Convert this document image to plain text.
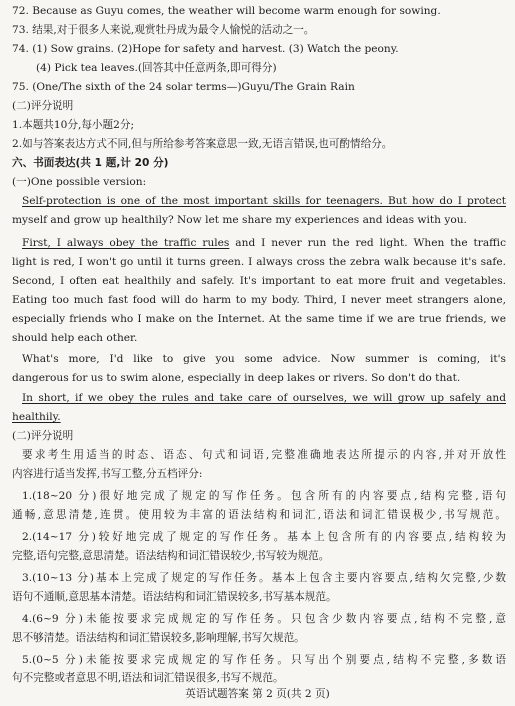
72. Because as Guyu comes, the weather will become warm enough for sowing.
73. 结果,对于很多人来说,观赏牡丹成为最令人愉悦的活动之一。
74. (1) Sow grains. (2)Hope for safety and harvest. (3) Watch the peony.
(4) Pick tea leaves.(回答其中任意两条,即可得分)
75. (One/The sixth of the 24 solar terms—)Guyu/The Grain Rain
(二)评分说明
1.本题共10分,每小题2分;
2.如与答案表达方式不同,但与所给参考答案意思一致,无语言错误,也可酌情给分。
六、书面表达(共 1 题,计 20 分)
(一)One possible version:
Self-protection is one of the most important skills for teenagers. But how do I protect
myself and grow up healthily? Now let me share my experiences and ideas with you.
First, I always obey the traffic rules and I never run the red light. When the traffic
light is red, I won't go until it turns green. I always cross the zebra walk because it's safe.
Second, I often eat healthily and safely. It's important to eat more fruit and vegetables.
Eating too much fast food will do harm to my body. Third, I never meet strangers alone,
especially friends who I make on the Internet. At the same time if we are true friends, we
should help each other.
What's more, I'd like to give you some advice. Now summer is coming, it's
dangerous for us to swim alone, especially in deep lakes or rivers. So don't do that.
In short, if we obey the rules and take care of ourselves, we will grow up safely and
healthily.
(二)评分说明
要求考生用适当的时态、语态、句式和词语,完整准确地表达所提示的内容,并对开放性
内容进行适当发挥,书写工整,分五档评分:
1.(18~20 分)很好地完成了规定的写作任务。包含所有的内容要点,结构完整,语句
通畅,意思清楚,连贯。使用较为丰富的语法结构和词汇,语法和词汇错误极少,书写规范。
2.(14~17 分)较好地完成了规定的写作任务。基本上包含所有的内容要点,结构较为
完整,语句完整,意思清楚。语法结构和词汇错误较少,书写较为规范。
3.(10~13 分)基本上完成了规定的写作任务。基本上包含主要内容要点,结构欠完整,少数
语句不通顺,意思基本清楚。语法结构和词汇错误较多,书写基本规范。
4.(6~9 分)未能按要求完成规定的写作任务。只包含少数内容要点,结构不完整,意
思不够清楚。语法结构和词汇错误较多,影响理解,书写欠规范。
5.(0~5 分)未能按要求完成规定的写作任务。只写出个别要点,结构不完整,多数语
句不完整或者意思不明,语法和词汇错误很多,书写不规范。
英语试题答案 第 2 页(共 2 页)
